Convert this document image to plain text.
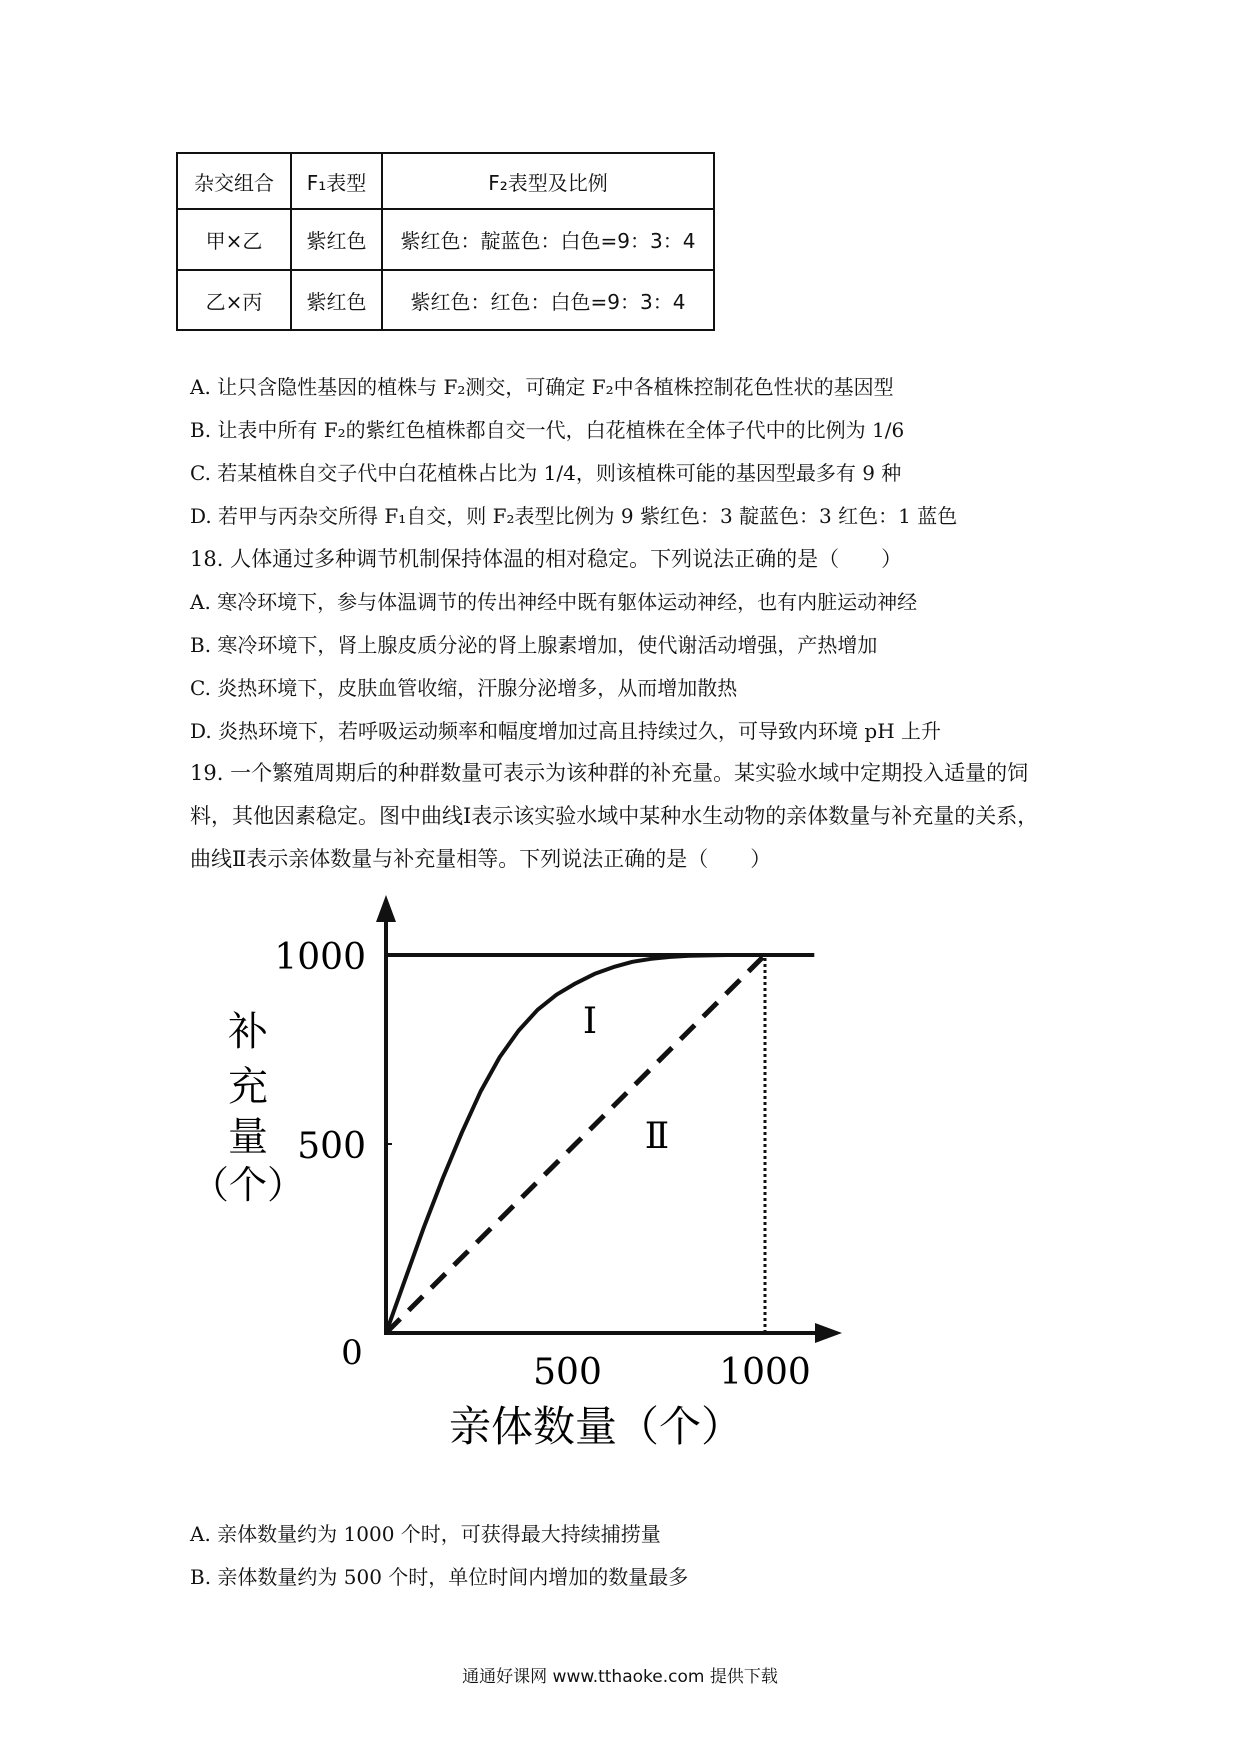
杂交组合	F₁表型	F₂表型及比例
甲×乙	紫红色	紫红色：靛蓝色：白色=9：3：4
乙×丙	紫红色	紫红色：红色：白色=9：3：4
A. 让只含隐性基因的植株与 F₂测交，可确定 F₂中各植株控制花色性状的基因型
B. 让表中所有 F₂的紫红色植株都自交一代，白花植株在全体子代中的比例为 1/6
C. 若某植株自交子代中白花植株占比为 1/4，则该植株可能的基因型最多有 9 种
D. 若甲与丙杂交所得 F₁自交，则 F₂表型比例为 9 紫红色：3 靛蓝色：3 红色：1 蓝色
18. 人体通过多种调节机制保持体温的相对稳定。下列说法正确的是（　　）
A. 寒冷环境下，参与体温调节的传出神经中既有躯体运动神经，也有内脏运动神经
B. 寒冷环境下，肾上腺皮质分泌的肾上腺素增加，使代谢活动增强，产热增加
C. 炎热环境下，皮肤血管收缩，汗腺分泌增多，从而增加散热
D. 炎热环境下，若呼吸运动频率和幅度增加过高且持续过久，可导致内环境 pH 上升
19. 一个繁殖周期后的种群数量可表示为该种群的补充量。某实验水域中定期投入适量的饲
料，其他因素稳定。图中曲线Ⅰ表示该实验水域中某种水生动物的亲体数量与补充量的关系，
曲线Ⅱ表示亲体数量与补充量相等。下列说法正确的是（　　）
Ⅰ
Ⅱ
500
1000
500	1000
0
补
充
量
（个）
亲体数量（个）
A. 亲体数量约为 1000 个时，可获得最大持续捕捞量
B. 亲体数量约为 500 个时，单位时间内增加的数量最多
通通好课网 www.tthaoke.com 提供下载
